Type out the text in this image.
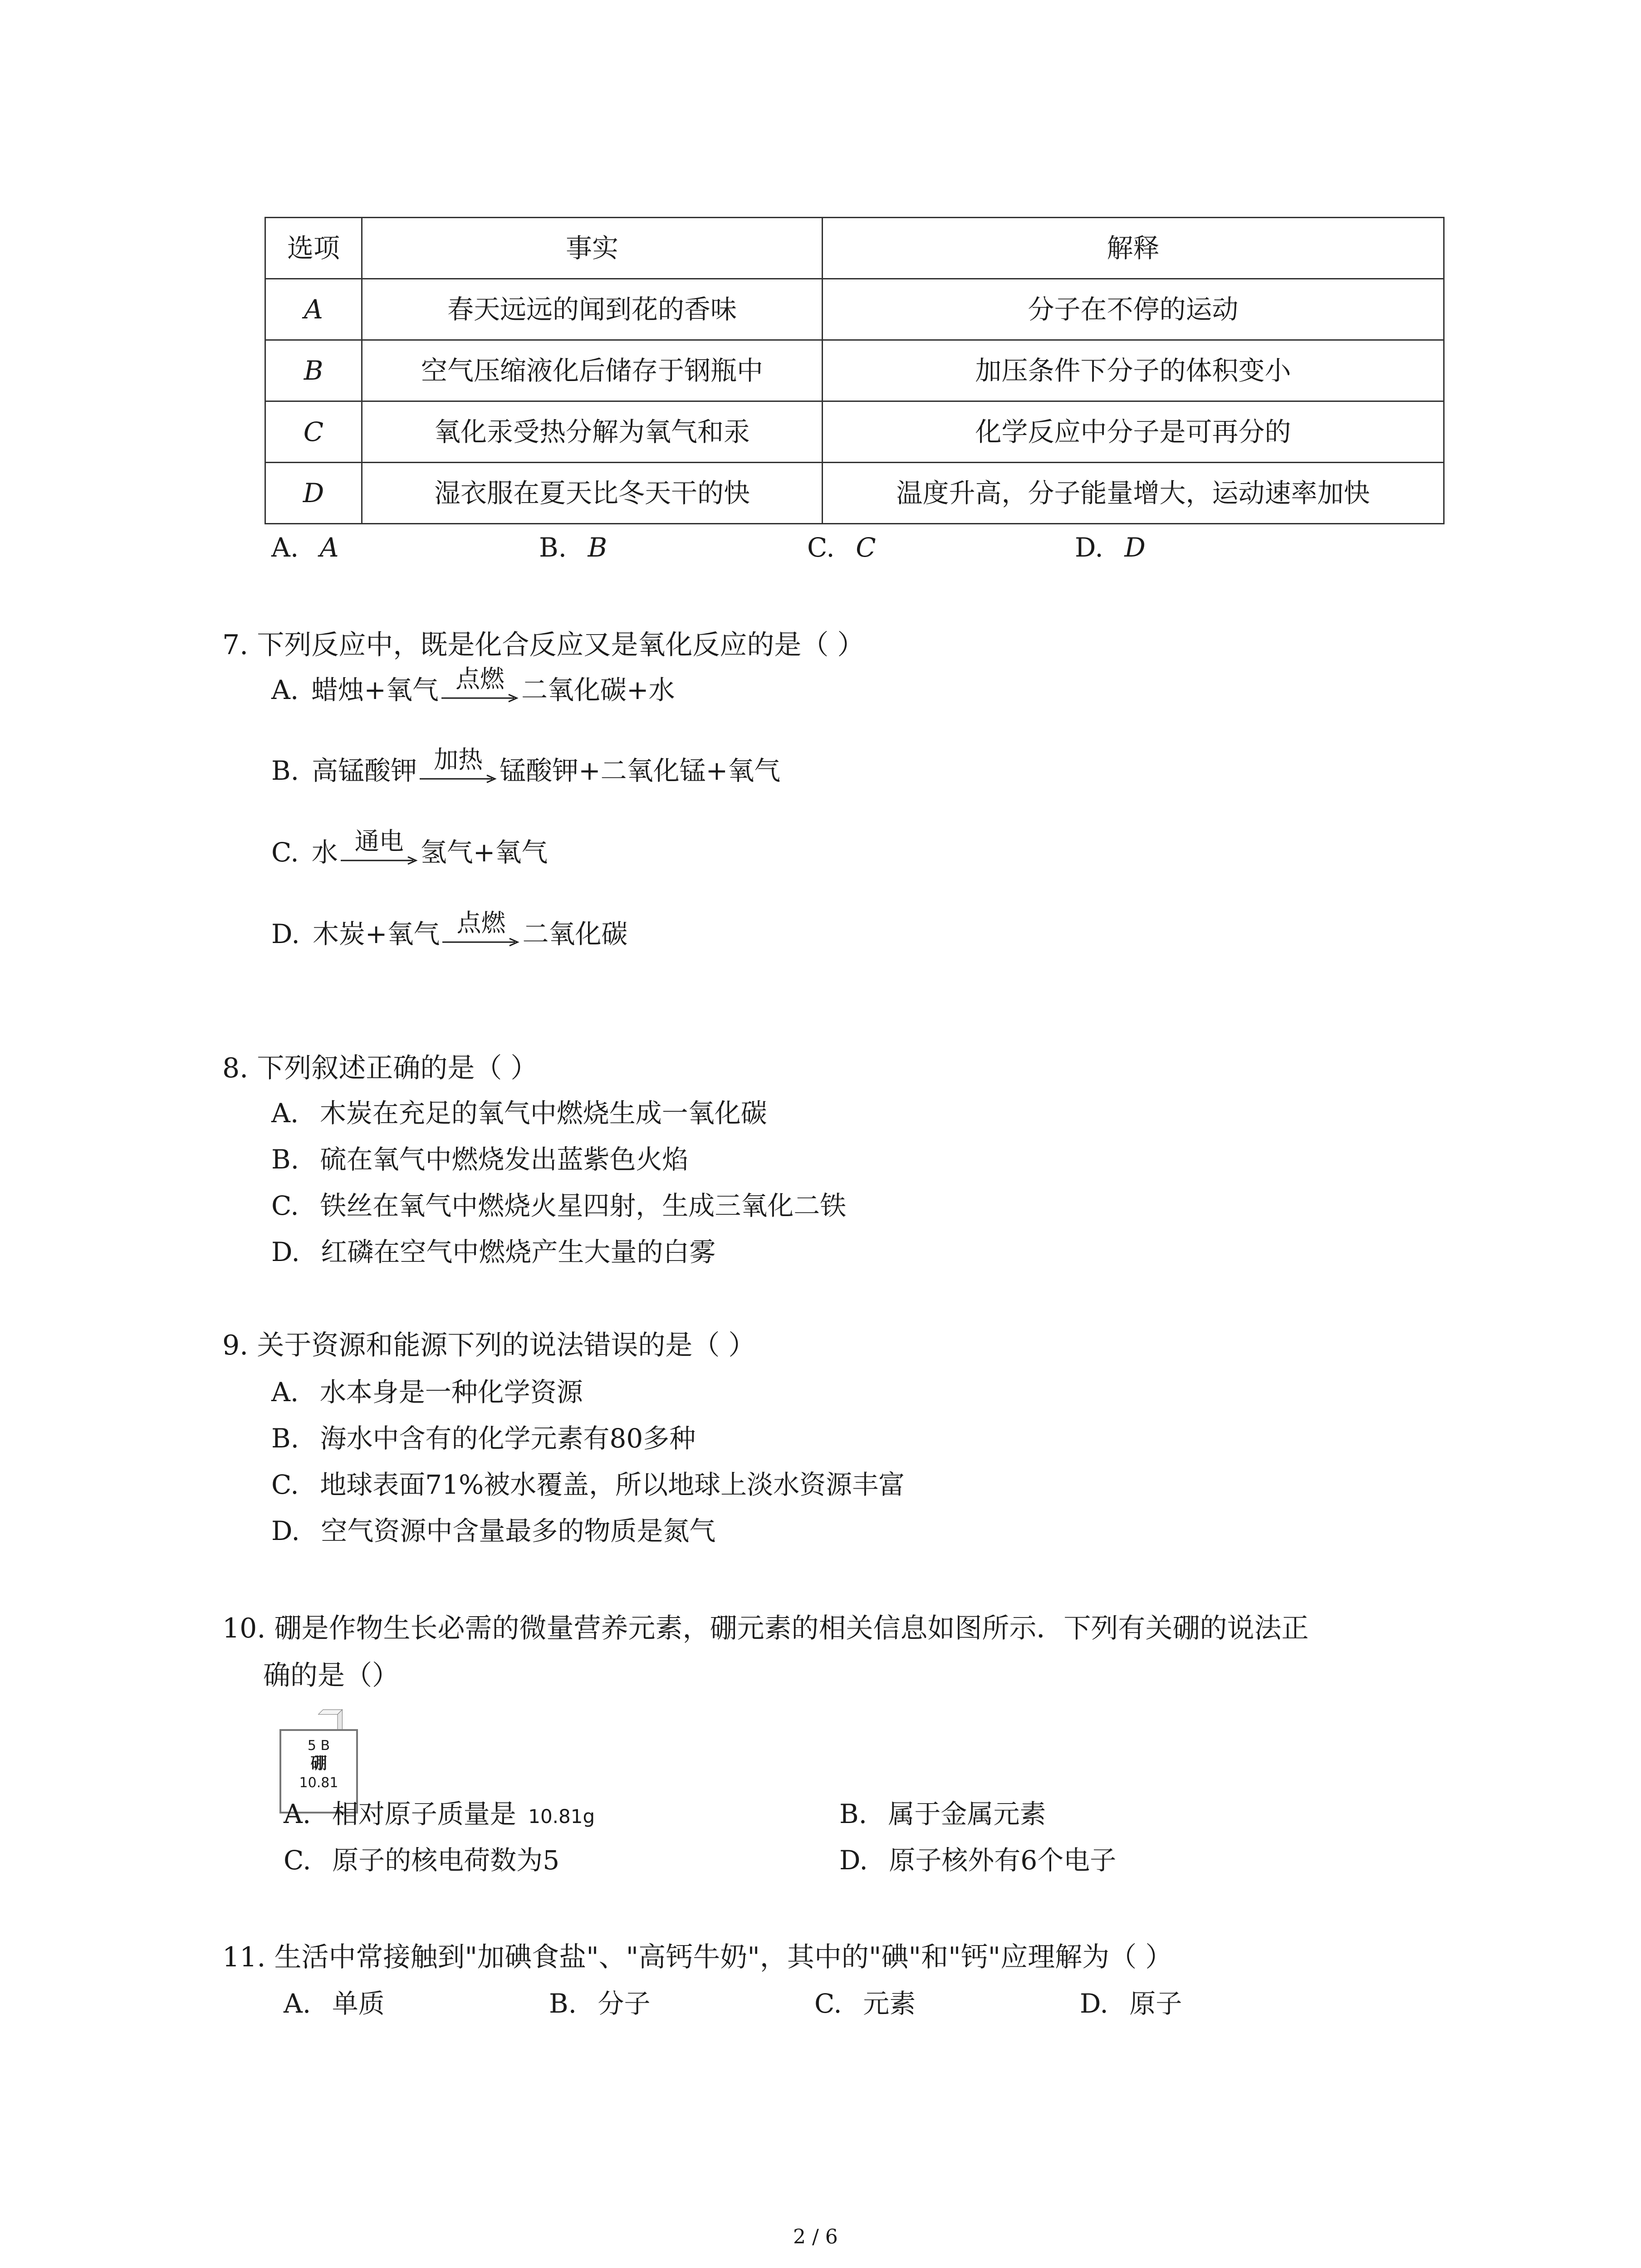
选项	事实	解释
A	春天远远的闻到花的香味	分子在不停的运动
B	空气压缩液化后储存于钢瓶中	加压条件下分子的体积变小
C	氧化汞受热分解为氧气和汞	化学反应中分子是可再分的
D	湿衣服在夏天比冬天干的快	温度升高，分子能量增大，运动速率加快
A. A	B. B	C. C	D. D
7. 下列反应中，既是化合反应又是氧化反应的是（ ）
A. 蜡烛+氧气 点燃 二氧化碳+水
B. 高锰酸钾 加热 锰酸钾+二氧化锰+氧气
C. 水 通电 氢气+氧气
D. 木炭+氧气 点燃 二氧化碳
8. 下列叙述正确的是（ ）
A. 木炭在充足的氧气中燃烧生成一氧化碳
B. 硫在氧气中燃烧发出蓝紫色火焰
C. 铁丝在氧气中燃烧火星四射，生成三氧化二铁
D. 红磷在空气中燃烧产生大量的白雾
9. 关于资源和能源下列的说法错误的是（ ）
A. 水本身是一种化学资源
B. 海水中含有的化学元素有80多种
C. 地球表面71%被水覆盖，所以地球上淡水资源丰富
D. 空气资源中含量最多的物质是氮气
10. 硼是作物生长必需的微量营养元素，硼元素的相关信息如图所示．下列有关硼的说法正
确的是（）
5 B
硼
10.81
A. 相对原子质量是 10.81g	B. 属于金属元素
C. 原子的核电荷数为5	D. 原子核外有6个电子
11. 生活中常接触到"加碘食盐"、"高钙牛奶"，其中的"碘"和"钙"应理解为（ ）
A. 单质	B. 分子	C. 元素	D. 原子
2 / 6
